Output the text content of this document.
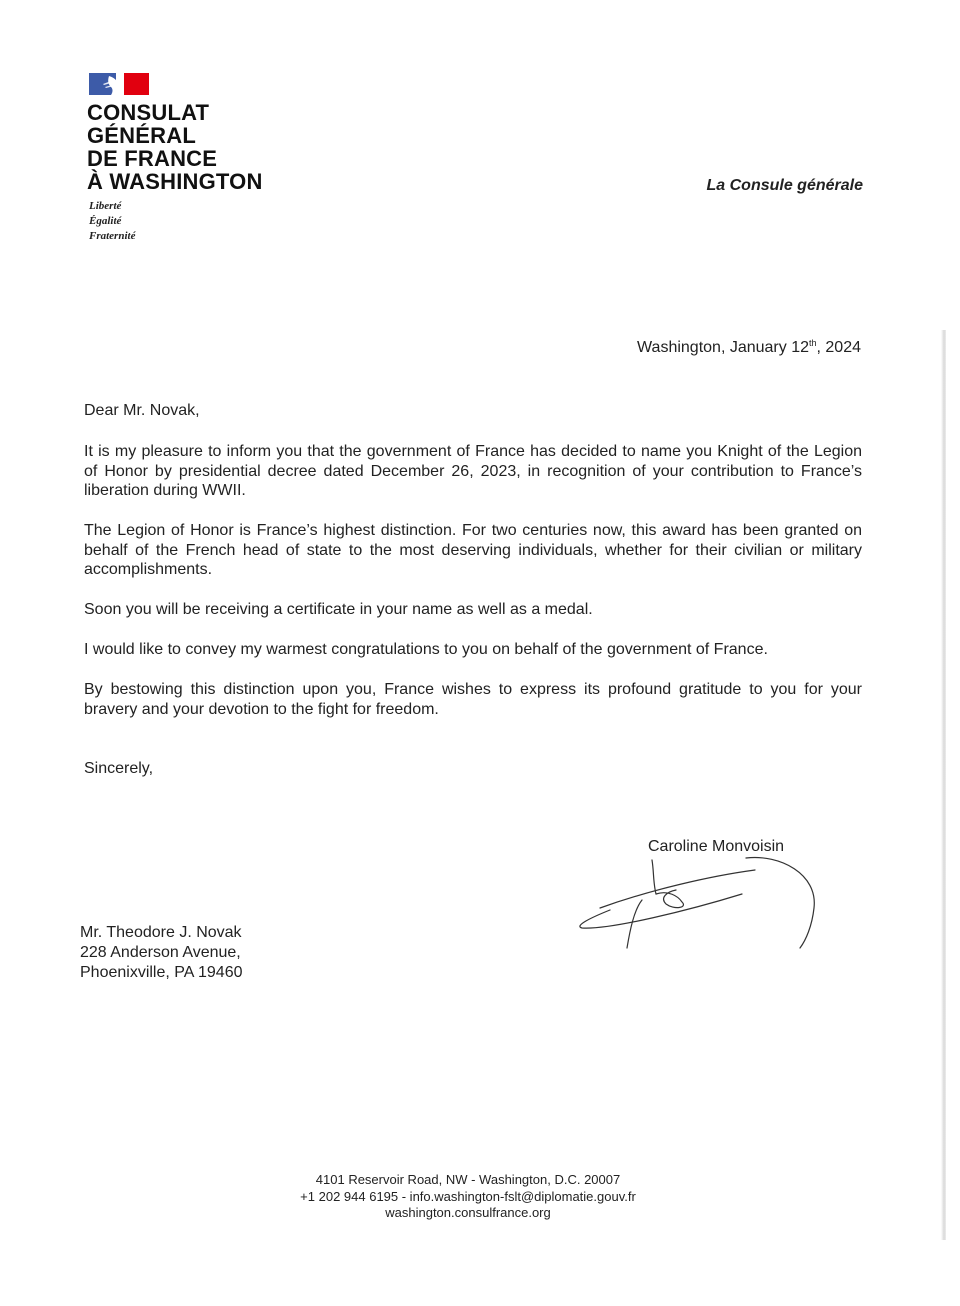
CONSULAT
GÉNÉRAL
DE FRANCE
À WASHINGTON
Liberté
Égalité
Fraternité
La Consule générale
Washington, January 12th, 2024
Dear Mr. Novak,
It is my pleasure to inform you that the government of France has decided to name you Knight of the Legion of Honor by presidential decree dated December 26, 2023, in recognition of your contribution to France’s liberation during WWII.
The Legion of Honor is France’s highest distinction. For two centuries now, this award has been granted on behalf of the French head of state to the most deserving individuals, whether for their civilian or military accomplishments.
Soon you will be receiving a certificate in your name as well as a medal.
I would like to convey my warmest congratulations to you on behalf of the government of France.
By bestowing this distinction upon you, France wishes to express its profound gratitude to you for your bravery and your devotion to the fight for freedom.
Sincerely,
Caroline Monvoisin
Mr. Theodore J. Novak
228 Anderson Avenue,
Phoenixville, PA 19460
4101 Reservoir Road, NW - Washington, D.C. 20007
+1 202 944 6195 - info.washington-fslt@diplomatie.gouv.fr
washington.consulfrance.org
